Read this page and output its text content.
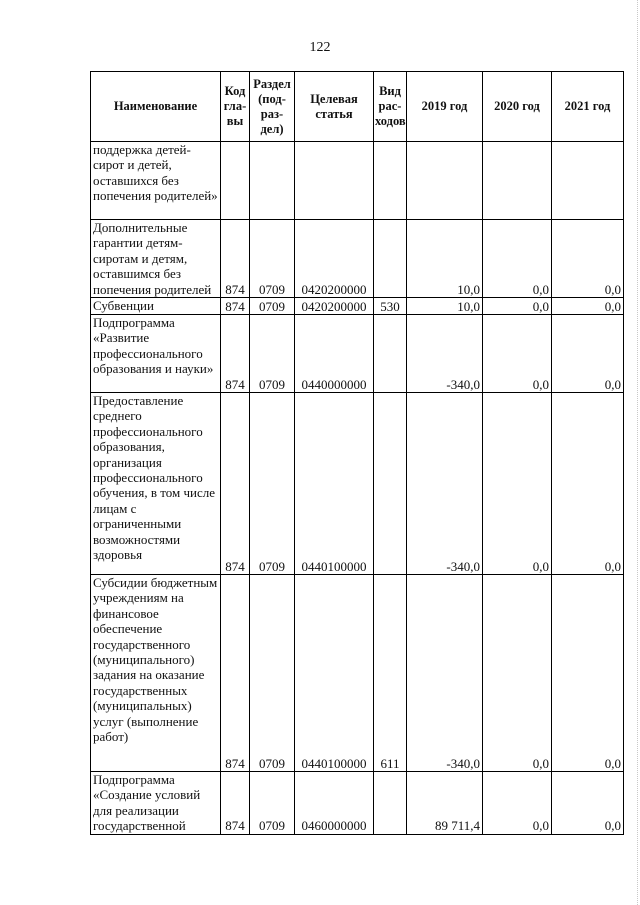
122
Наименование	Код гла-вы	Раздел (под-раз-дел)	Целевая статья	Вид рас-ходов	2019 год	2020 год	2021 год
поддержка детей-сирот и детей, оставшихся без попечения родителей»							
Дополнительные гарантии детям-сиротам и детям, оставшимся без попечения родителей	874	0709	0420200000		10,0	0,0	0,0
Субвенции	874	0709	0420200000	530	10,0	0,0	0,0
Подпрограмма «Развитие профессионального образования и науки»	874	0709	0440000000		-340,0	0,0	0,0
Предоставление среднего профессионального образования, организация профессионального обучения, в том числе лицам с ограниченными возможностями здоровья	874	0709	0440100000		-340,0	0,0	0,0
Субсидии бюджетным учреждениям на финансовое обеспечение государственного (муниципального) задания на оказание государственных (муниципальных) услуг (выполнение работ)	874	0709	0440100000	611	-340,0	0,0	0,0
Подпрограмма «Создание условий для реализации государственной	874	0709	0460000000		89 711,4	0,0	0,0
